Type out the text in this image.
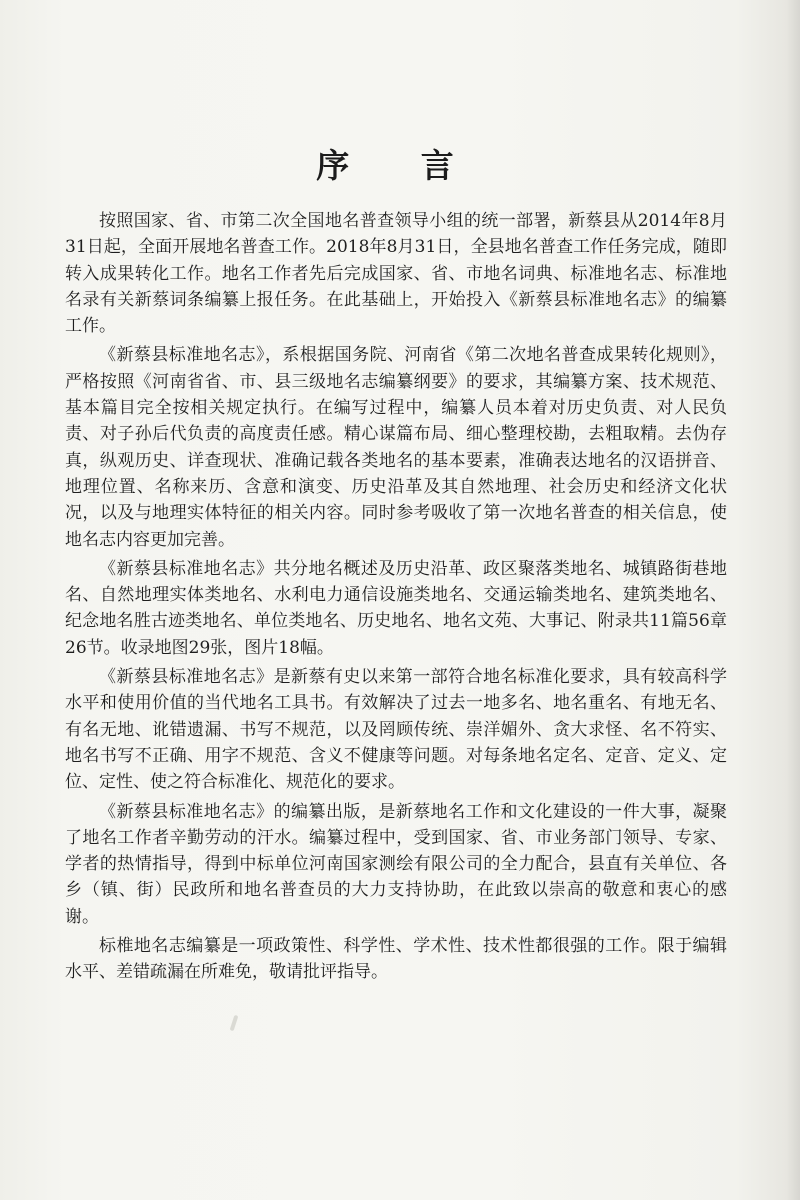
序 言

按照国家、省、市第二次全国地名普查领导小组的统一部署，新蔡县从2014年8月31日起，全面开展地名普查工作。2018年8月31日，全县地名普查工作任务完成，随即转入成果转化工作。地名工作者先后完成国家、省、市地名词典、标准地名志、标准地名录有关新蔡词条编纂上报任务。在此基础上，开始投入《新蔡县标准地名志》的编纂工作。

《新蔡县标准地名志》，系根据国务院、河南省《第二次地名普查成果转化规则》，严格按照《河南省省、市、县三级地名志编纂纲要》的要求，其编纂方案、技术规范、基本篇目完全按相关规定执行。在编写过程中，编纂人员本着对历史负责、对人民负责、对子孙后代负责的高度责任感。精心谋篇布局、细心整理校勘，去粗取精。去伪存真，纵观历史、详查现状、准确记载各类地名的基本要素，准确表达地名的汉语拼音、地理位置、名称来历、含意和演变、历史沿革及其自然地理、社会历史和经济文化状况，以及与地理实体特征的相关内容。同时参考吸收了第一次地名普查的相关信息，使地名志内容更加完善。

《新蔡县标准地名志》共分地名概述及历史沿革、政区聚落类地名、城镇路街巷地名、自然地理实体类地名、水利电力通信设施类地名、交通运输类地名、建筑类地名、纪念地名胜古迹类地名、单位类地名、历史地名、地名文苑、大事记、附录共11篇56章26节。收录地图29张，图片18幅。

《新蔡县标准地名志》是新蔡有史以来第一部符合地名标准化要求，具有较高科学水平和使用价值的当代地名工具书。有效解决了过去一地多名、地名重名、有地无名、有名无地、讹错遗漏、书写不规范，以及罔顾传统、崇洋媚外、贪大求怪、名不符实、地名书写不正确、用字不规范、含义不健康等问题。对每条地名定名、定音、定义、定位、定性、使之符合标准化、规范化的要求。

《新蔡县标准地名志》的编纂出版，是新蔡地名工作和文化建设的一件大事，凝聚了地名工作者辛勤劳动的汗水。编纂过程中，受到国家、省、市业务部门领导、专家、学者的热情指导，得到中标单位河南国家测绘有限公司的全力配合，县直有关单位、各乡（镇、街）民政所和地名普查员的大力支持协助，在此致以崇高的敬意和衷心的感谢。

标椎地名志编纂是一项政策性、科学性、学术性、技术性都很强的工作。限于编辑水平、差错疏漏在所难免，敬请批评指导。
